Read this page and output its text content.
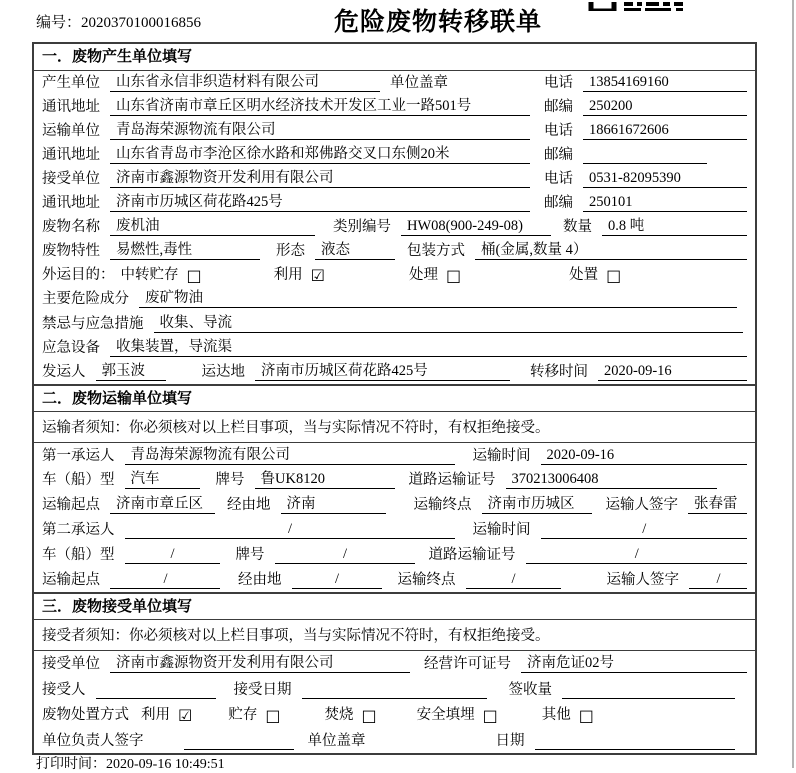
编号：2020370100016856	危险废物转移联单
一．废物产生单位填写
产生单位	山东省永信非织造材料有限公司	单位盖章	电话	13854169160
通讯地址	山东省济南市章丘区明水经济技术开发区工业一路501号	邮编	250200
运输单位	青岛海荣源物流有限公司	电话	18661672606
通讯地址	山东省青岛市李沧区徐水路和郑佛路交叉口东侧20米	邮编
接受单位	济南市鑫源物资开发利用有限公司	电话	0531-82095390
通讯地址	济南市历城区荷花路425号	邮编	250101
废物名称	废机油	类别编号	HW08(900-249-08)	数量	0.8 吨
废物特性	易燃性,毒性	形态	液态	包装方式	桶(金属,数量 4）
外运目的： 中转贮存 □	利用 ☑	处理 □	处置 □
主要危险成分	废矿物油
禁忌与应急措施	收集、导流
应急设备	收集装置，导流渠
发运人	郭玉波	运达地	济南市历城区荷花路425号	转移时间	2020-09-16
二．废物运输单位填写
运输者须知：你必须核对以上栏目事项，当与实际情况不符时，有权拒绝接受。
第一承运人	青岛海荣源物流有限公司	运输时间	2020-09-16
车（船）型	汽车	牌号	鲁UK8120	道路运输证号	370213006408
运输起点	济南市章丘区	经由地	济南	运输终点	济南市历城区	运输人签字	张春雷
第二承运人	/	运输时间	/
车（船）型	/	牌号	/	道路运输证号	/
运输起点	/	经由地	/	运输终点	/	运输人签字	/
三．废物接受单位填写
接受者须知：你必须核对以上栏目事项，当与实际情况不符时，有权拒绝接受。
接受单位	济南市鑫源物资开发利用有限公司	经营许可证号	济南危证02号
接受人	接受日期	签收量
废物处置方式 利用 ☑ 贮存 □	焚烧 □	安全填埋 □	其他 □
单位负责人签字	单位盖章	日期
打印时间：2020-09-16 10:49:51
